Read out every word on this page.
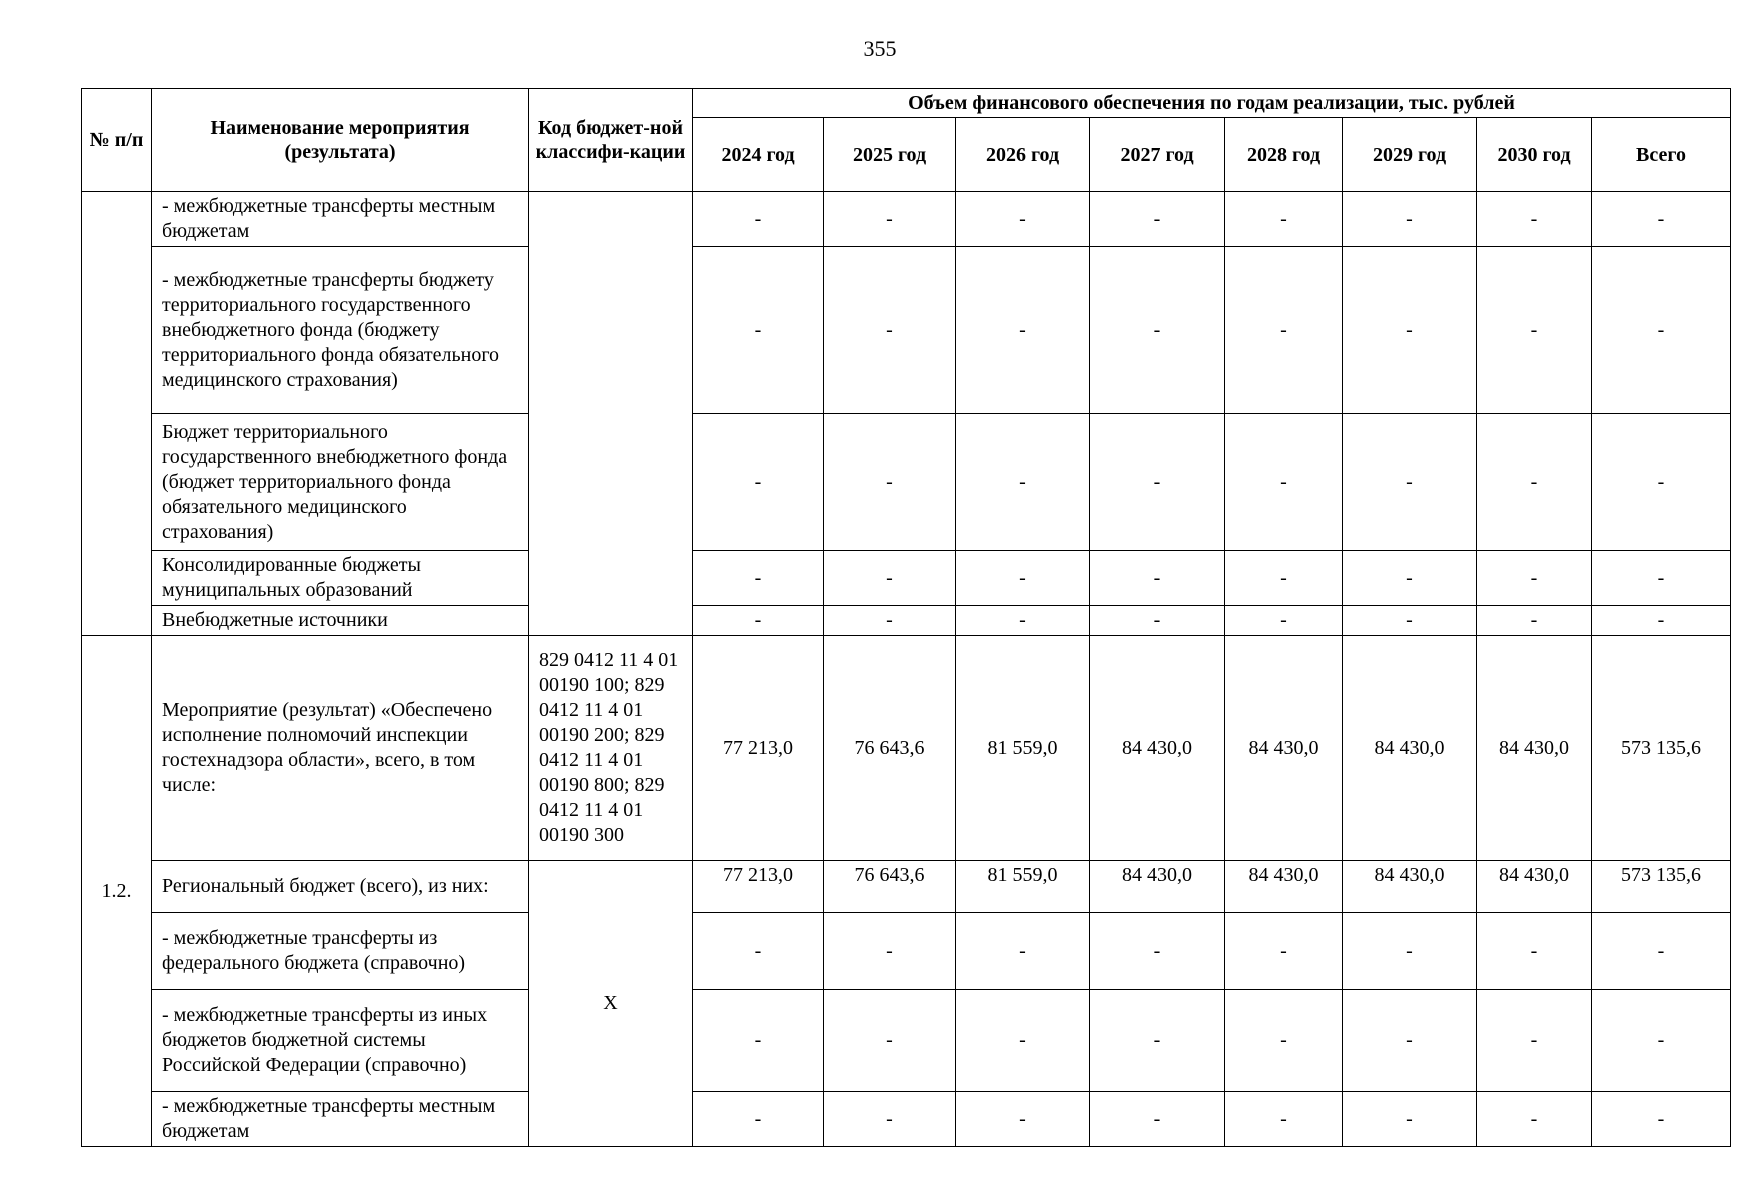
355
№ п/п	Наименование мероприятия (результата)	Код бюджет-ной классифи-кации	Объем финансового обеспечения по годам реализации, тыс. рублей							
			2024 год	2025 год	2026 год	2027 год	2028 год	2029 год	2030 год	Всего
	- межбюджетные трансферты местным бюджетам		-	-	-	-	-	-	-	-
	- межбюджетные трансферты бюджету территориального государственного внебюджетного фонда (бюджету территориального фонда обязательного медицинского страхования)		-	-	-	-	-	-	-	-
	Бюджет территориального государственного внебюджетного фонда (бюджет территориального фонда обязательного медицинского страхования)		-	-	-	-	-	-	-	-
	Консолидированные бюджеты муниципальных образований		-	-	-	-	-	-	-	-
	Внебюджетные источники		-	-	-	-	-	-	-	-
1.2.	Мероприятие (результат) «Обеспечено исполнение полномочий инспекции гостехнадзора области», всего, в том числе:	829 0412 11 4 01 00190 100; 829 0412 11 4 01 00190 200; 829 0412 11 4 01 00190 800; 829 0412 11 4 01 00190 300	77 213,0	76 643,6	81 559,0	84 430,0	84 430,0	84 430,0	84 430,0	573 135,6
	Региональный бюджет (всего), из них:	Х	77 213,0	76 643,6	81 559,0	84 430,0	84 430,0	84 430,0	84 430,0	573 135,6
	- межбюджетные трансферты из федерального бюджета (справочно)		-	-	-	-	-	-	-	-
	- межбюджетные трансферты из иных бюджетов бюджетной системы Российской Федерации (справочно)		-	-	-	-	-	-	-	-
	- межбюджетные трансферты местным бюджетам		-	-	-	-	-	-	-	-
